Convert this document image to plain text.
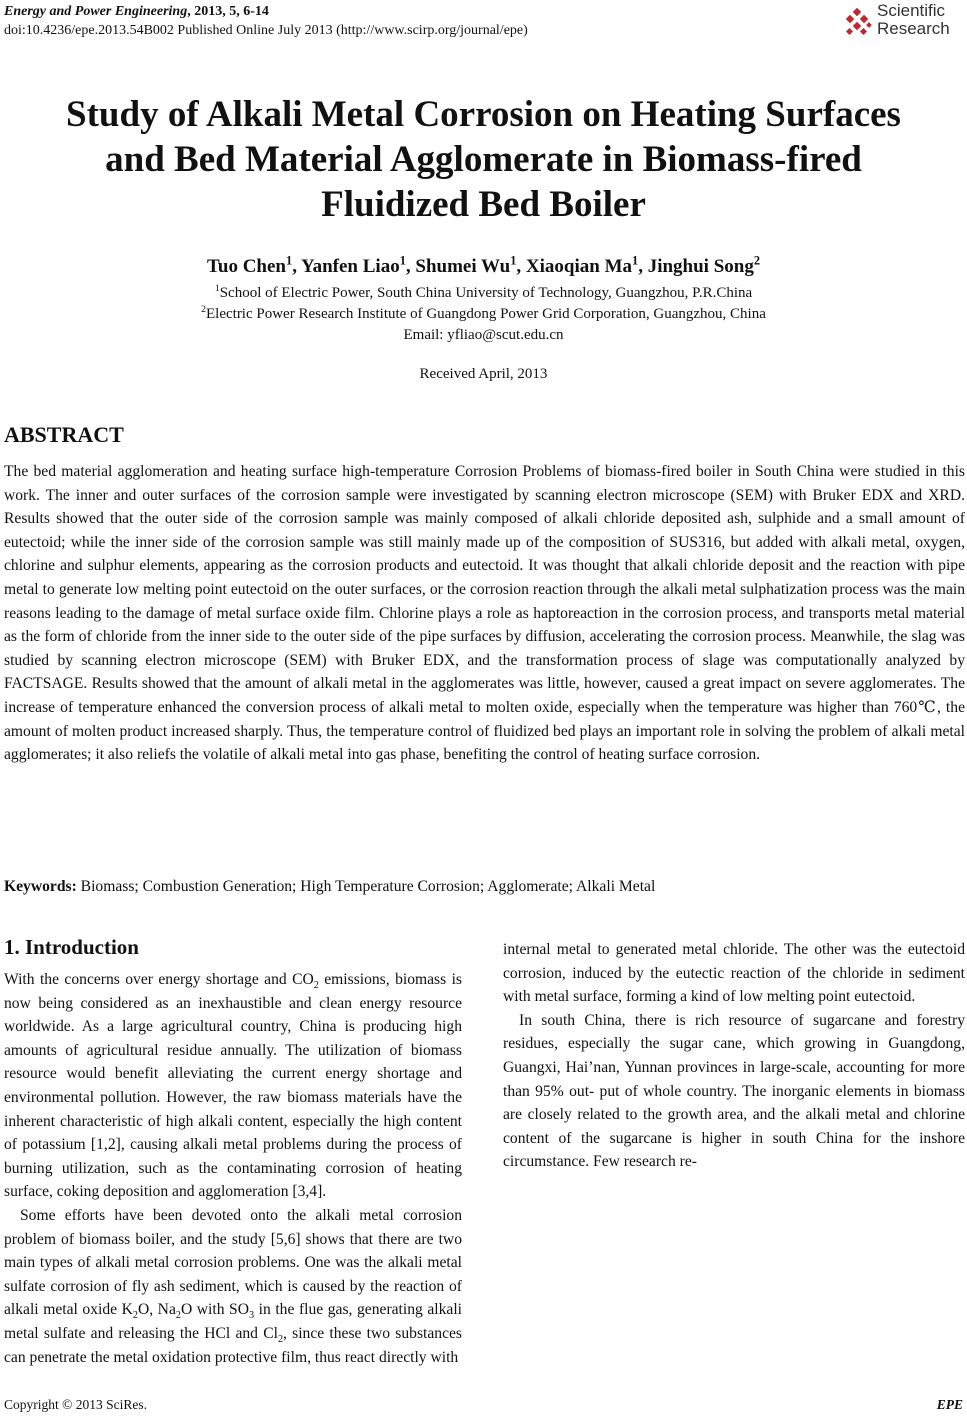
Energy and Power Engineering, 2013, 5, 6-14
doi:10.4236/epe.2013.54B002 Published Online July 2013 (http://www.scirp.org/journal/epe)
Scientific
Research
Study of Alkali Metal Corrosion on Heating Surfaces
and Bed Material Agglomerate in Biomass-fired
Fluidized Bed Boiler
Tuo Chen$^1$, Yanfen Liao$^1$, Shumei Wu$^1$, Xiaoqian Ma$^1$, Jinghui Song$^2$
$^1$School of Electric Power, South China University of Technology, Guangzhou, P.R.China
$^2$Electric Power Research Institute of Guangdong Power Grid Corporation, Guangzhou, China
Email: yfliao@scut.edu.cn
Received April, 2013
ABSTRACT
The bed material agglomeration and heating surface high-temperature Corrosion Problems of biomass-fired boiler in South China were studied in this work. The inner and outer surfaces of the corrosion sample were investigated by scanning electron microscope (SEM) with Bruker EDX and XRD. Results showed that the outer side of the corrosion sample was mainly composed of alkali chloride deposited ash, sulphide and a small amount of eutectoid; while the inner side of the corrosion sample was still mainly made up of the composition of SUS316, but added with alkali metal, oxygen, chlorine and sulphur elements, appearing as the corrosion products and eutectoid. It was thought that alkali chloride deposit and the reaction with pipe metal to generate low melting point eutectoid on the outer surfaces, or the corrosion reaction through the alkali metal sulphatization process was the main reasons leading to the damage of metal surface oxide film. Chlorine plays a role as haptoreaction in the corrosion process, and transports metal material as the form of chloride from the inner side to the outer side of the pipe surfaces by diffusion, accelerating the corrosion process. Meanwhile, the slag was studied by scanning electron microscope (SEM) with Bruker EDX, and the transformation process of slage was computationally analyzed by FACTSAGE. Results showed that the amount of alkali metal in the agglomerates was little, however, caused a great impact on severe agglomerates. The increase of temperature enhanced the conversion process of alkali metal to molten oxide, especially when the temperature was higher than 760℃, the amount of molten product increased sharply. Thus, the temperature control of fluidized bed plays an important role in solving the problem of alkali metal agglomerates; it also reliefs the volatile of alkali metal into gas phase, benefiting the control of heating surface corrosion.
Keywords: Biomass; Combustion Generation; High Temperature Corrosion; Agglomerate; Alkali Metal
1. Introduction

With the concerns over energy shortage and $CO_2$ emissions, biomass is now being considered as an inexhaustible and clean energy resource worldwide. As a large agricultural country, China is producing high amounts of agricultural residue annually. The utilization of biomass resource would benefit alleviating the current energy shortage and environmental pollution. However, the raw biomass materials have the inherent characteristic of high alkali content, especially the high content of potassium [1,2], causing alkali metal problems during the process of burning utilization, such as the contaminating corrosion of heating surface, coking deposition and agglomeration [3,4].

Some efforts have been devoted onto the alkali metal corrosion problem of biomass boiler, and the study [5,6] shows that there are two main types of alkali metal corrosion problems. One was the alkali metal sulfate corrosion of fly ash sediment, which is caused by the reaction of alkali metal oxide $K_2O$, $Na_2O$ with $SO_3$ in the flue gas, generating alkali metal sulfate and releasing the HCl and $Cl_2$, since these two substances can penetrate the metal oxidation protective film, thus react directly with

internal metal to generated metal chloride. The other was the eutectoid corrosion, induced by the eutectic reaction of the chloride in sediment with metal surface, forming a kind of low melting point eutectoid.

In south China, there is rich resource of sugarcane and forestry residues, especially the sugar cane, which growing in Guangdong, Guangxi, Hai’nan, Yunnan provinces in large-scale, accounting for more than 95% out- put of whole country. The inorganic elements in biomass are closely related to the growth area, and the alkali metal and chlorine content of the sugarcane is higher in south China for the inshore circumstance. Few research re-

Copyright © 2013 SciRes.	EPE
